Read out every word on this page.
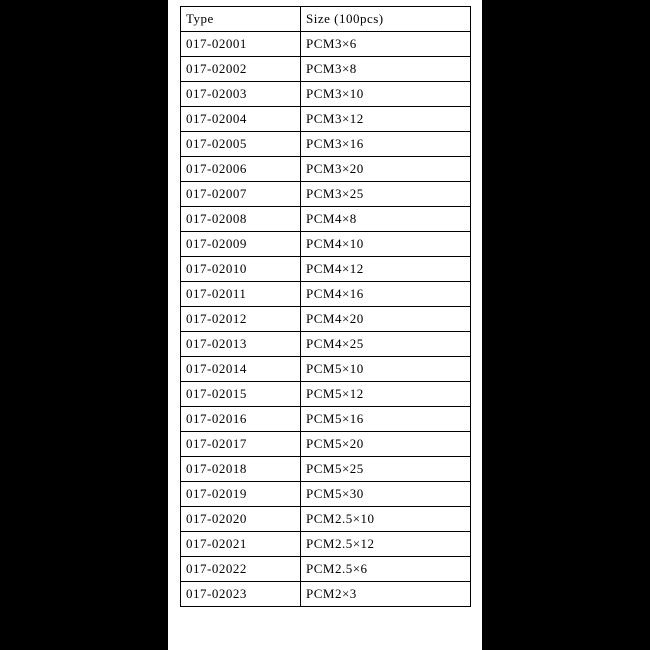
Type	Size (100pcs)
017-02001	PCM3×6
017-02002	PCM3×8
017-02003	PCM3×10
017-02004	PCM3×12
017-02005	PCM3×16
017-02006	PCM3×20
017-02007	PCM3×25
017-02008	PCM4×8
017-02009	PCM4×10
017-02010	PCM4×12
017-02011	PCM4×16
017-02012	PCM4×20
017-02013	PCM4×25
017-02014	PCM5×10
017-02015	PCM5×12
017-02016	PCM5×16
017-02017	PCM5×20
017-02018	PCM5×25
017-02019	PCM5×30
017-02020	PCM2.5×10
017-02021	PCM2.5×12
017-02022	PCM2.5×6
017-02023	PCM2×3
